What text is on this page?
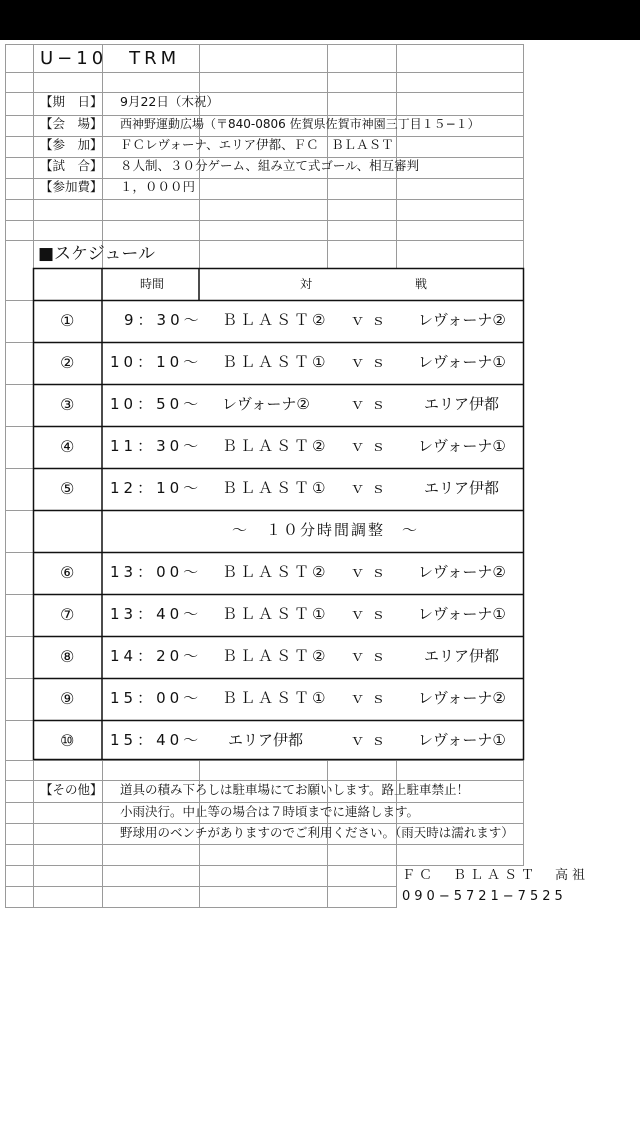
U−10　TRM
【期　日】 9月22日（木祝）
【会　場】 西神野運動広場（〒840-0806 佐賀県佐賀市神園三丁目１５−１）
【参　加】 ＦＣレヴォーナ、エリア伊都、ＦＣ　ＢＬＡＳＴ
【試　合】 ８人制、３０分ゲーム、組み立て式ゴール、相互審判
【参加費】 １，０００円
■スケジュール
時間	対	戦
①	9：30〜 ＢＬＡＳＴ② ｖｓ レヴォーナ②
② 10：10〜 ＢＬＡＳＴ① ｖｓ レヴォーナ①
③ 10：50〜 レヴォーナ②	ｖｓ エリア伊都
④ 11：30〜 ＢＬＡＳＴ② ｖｓ レヴォーナ①
⑤ 12：10〜 ＢＬＡＳＴ① ｖｓ エリア伊都
〜　１０分時間調整　〜
⑥ 13：00〜 ＢＬＡＳＴ② ｖｓ レヴォーナ②
⑦ 13：40〜 ＢＬＡＳＴ① ｖｓ レヴォーナ①
⑧ 14：20〜 ＢＬＡＳＴ② ｖｓ エリア伊都
⑨ 15：00〜 ＢＬＡＳＴ① ｖｓ レヴォーナ②
⑩ 15：40〜 エリア伊都	ｖｓ レヴォーナ①
【その他】 道具の積み下ろしは駐車場にてお願いします。路上駐車禁止！
小雨決行。中止等の場合は７時頃までに連絡します。
野球用のベンチがありますのでご利用ください。（雨天時は濡れます）
ＦＣ　ＢＬＡＳＴ　高祖
090−5721−7525
